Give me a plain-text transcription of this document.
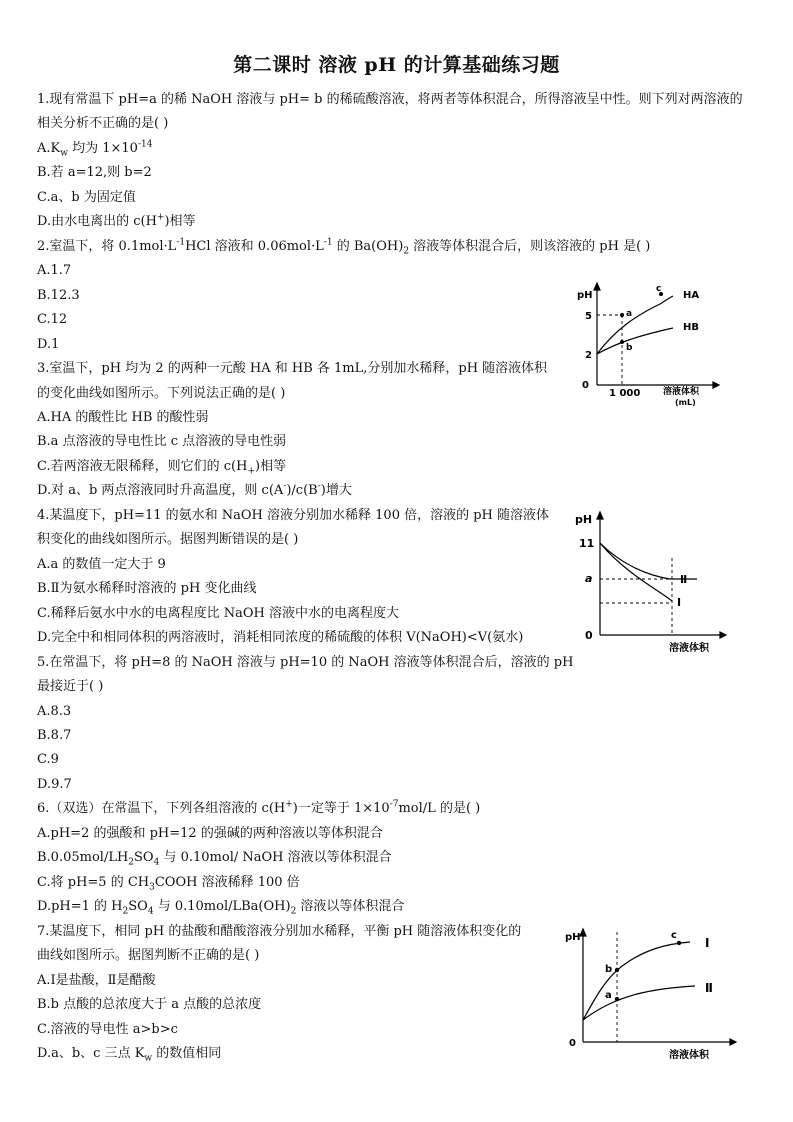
第二课时 溶液 pH 的计算基础练习题
1.现有常温下 pH=a 的稀 NaOH 溶液与 pH= b 的稀硫酸溶液，将两者等体积混合，所得溶液呈中性。则下列对两溶液的
相关分析不正确的是( )
$A.K_w$ 均为 $1\times 10^{-14}$
B.若 a=12,则 b=2
C.a、b 为固定值
D.由水电离出的 c(H+)相等
2.室温下，将 $0.1mol\cdot L^{-1}HCl$ 溶液和 $0.06mol\cdot L^{-1}$ 的 $Ba(OH)_2$ 溶液等体积混合后，则该溶液的 pH 是( )
A.1.7
B.12.3
C.12
D.1
3.室温下，pH 均为 2 的两种一元酸 HA 和 HB 各 1mL,分别加水稀释，pH 随溶液体积
的变化曲线如图所示。下列说法正确的是( )
A.HA 的酸性比 HB 的酸性弱
B.a 点溶液的导电性比 c 点溶液的导电性弱
C.若两溶液无限稀释，则它们的 $c(H_+)$相等
D.对 a、b 两点溶液同时升高温度，则 c(A-)/c(B-)增大
4.某温度下，pH=11 的氨水和 NaOH 溶液分别加水稀释 100 倍，溶液的 pH 随溶液体
积变化的曲线如图所示。据图判断错误的是( )
A.a 的数值一定大于 9
B.Ⅱ为氨水稀释时溶液的 pH 变化曲线
C.稀释后氨水中水的电离程度比 NaOH 溶液中水的电离程度大
D.完全中和相同体积的两溶液时，消耗相同浓度的稀硫酸的体积 V(NaOH)<V(氨水)
5.在常温下，将 pH=8 的 NaOH 溶液与 pH=10 的 NaOH 溶液等体积混合后，溶液的 pH
最接近于( )
A.8.3
B.8.7
C.9
D.9.7
6.（双选）在常温下，下列各组溶液的 c(H+)一定等于 $1\times 10^{-7}mol/L$ 的是( )
A.pH=2 的强酸和 pH=12 的强碱的两种溶液以等体积混合
$B.0.05mol/LH_2SO_4$ 与 0.10mol/ NaOH 溶液以等体积混合
C.将 pH=5 的 $CH_3COOH$ 溶液稀释 100 倍
D.pH=1 的 $H_2SO_4$ 与 $0.10mol/LBa(OH)_2$ 溶液以等体积混合
7.某温度下，相同 pH 的盐酸和醋酸溶液分别加水稀释，平衡 pH 随溶液体积变化的
曲线如图所示。据图判断不正确的是( )
A.Ⅰ是盐酸，Ⅱ是醋酸
B.b 点酸的总浓度大于 a 点酸的总浓度
C.溶液的导电性 a>b>c
D.a、b、c 三点 $K_w$ 的数值相同
pH
5
2
0
1 000	溶液体积
(mL)
HA
HB
a
b
c
pH
11
a
0
溶液体积
Ⅱ
Ⅰ
pH
0
溶液体积
Ⅰ
Ⅱ
a
b
c
